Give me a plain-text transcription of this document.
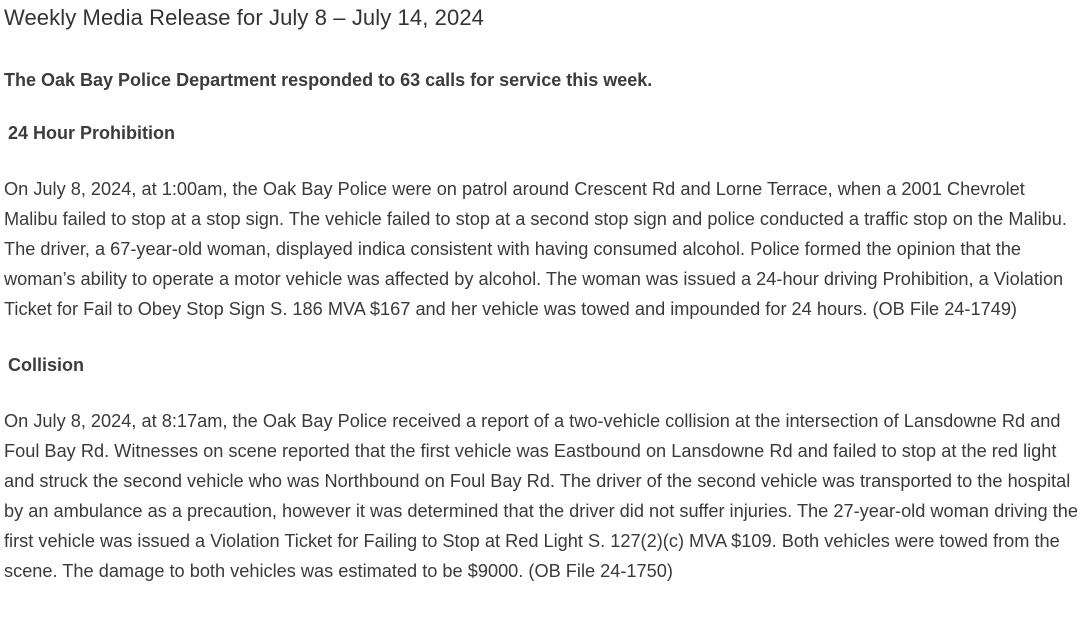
Weekly Media Release for July 8 – July 14, 2024

The Oak Bay Police Department responded to 63 calls for service this week.

24 Hour Prohibition

On July 8, 2024, at 1:00am, the Oak Bay Police were on patrol around Crescent Rd and Lorne Terrace, when a 2001 Chevrolet Malibu failed to stop at a stop sign. The vehicle failed to stop at a second stop sign and police conducted a traffic stop on the Malibu. The driver, a 67-year-old woman, displayed indica consistent with having consumed alcohol. Police formed the opinion that the woman’s ability to operate a motor vehicle was affected by alcohol. The woman was issued a 24-hour driving Prohibition, a Violation Ticket for Fail to Obey Stop Sign S. 186 MVA $167 and her vehicle was towed and impounded for 24 hours. (OB File 24-1749)

Collision

On July 8, 2024, at 8:17am, the Oak Bay Police received a report of a two-vehicle collision at the intersection of Lansdowne Rd and Foul Bay Rd. Witnesses on scene reported that the first vehicle was Eastbound on Lansdowne Rd and failed to stop at the red light and struck the second vehicle who was Northbound on Foul Bay Rd. The driver of the second vehicle was transported to the hospital by an ambulance as a precaution, however it was determined that the driver did not suffer injuries. The 27-year-old woman driving the first vehicle was issued a Violation Ticket for Failing to Stop at Red Light S. 127(2)(c) MVA $109. Both vehicles were towed from the scene. The damage to both vehicles was estimated to be $9000. (OB File 24-1750)
